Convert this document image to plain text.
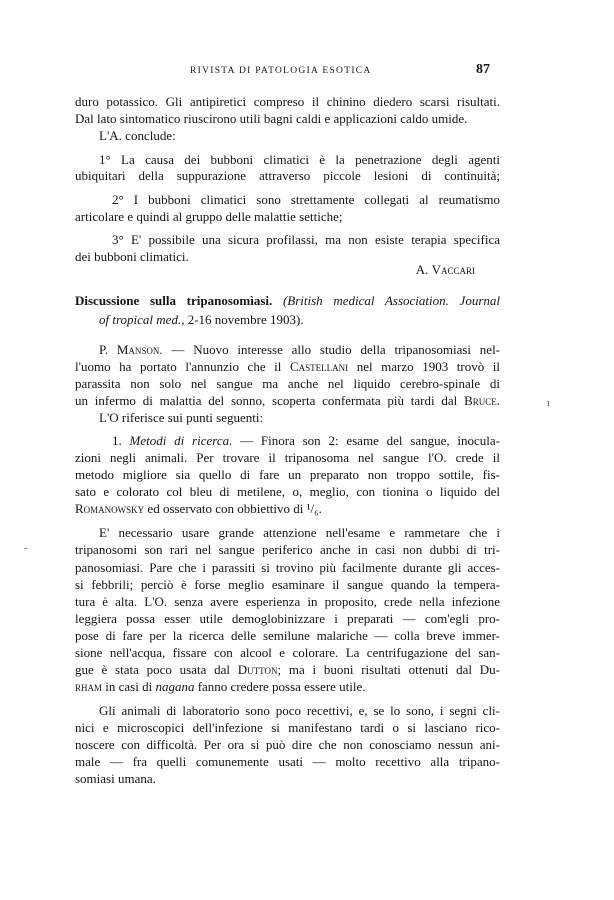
RIVISTA DI PATOLOGIA ESOTICA	87
duro potassico. Gli antipiretici compreso il chinino diedero scarsi risultati.
Dal lato sintomatico riuscirono utili bagni caldi e applicazioni caldo umide.
L'A. conclude:
1° La causa dei bubboni climatici è la penetrazione degli agenti
ubiquitari della suppurazione attraverso piccole lesioni di continuità;
2° I bubboni climatici sono strettamente collegati al reumatismo
articolare e quindi al gruppo delle malattie settiche;
3° E' possibile una sicura profilassi, ma non esiste terapia specifica
dei bubboni climatici.
A. Vaccari
Discussione sulla tripanosomìasi. (British medical Association. Journal
of tropical med., 2-16 novembre 1903).
P. Manson. — Nuovo interesse allo studio della tripanosomiasi nel-
l'uomo ha portato l'annunzio che il Castellani nel marzo 1903 trovò il
parassita non solo nel sangue ma anche nel liquido cerebro-spinale di
un infermo di malattia del sonno, scoperta confermata più tardi dal Bruce.
L'O riferisce sui punti seguenti:
1. Metodi di ricerca. — Finora son 2: esame del sangue, inocula-
zioni negli animali. Per trovare il tripanosoma nel sangue l'O. crede il
metodo migliore sia quello di fare un preparato non troppo sottile, fis-
sato e colorato col bleu di metilene, o, meglio, con tionina o liquido del
Romanowsky ed osservato con obbiettivo di ¹/₆.
E' necessario usare grande attenzione nell'esame e rammetare che i
tripanosomi son rari nel sangue periferico anche in casi non dubbi di tri-
panosomiasi. Pare che i parassiti si trovino più facilmente durante gli acces-
si febbrili; perciò è forse meglio esaminare il sangue quando la tempera-
tura è alta. L'O. senza avere esperienza in proposito, crede nella infezione
leggiera possa esser utile demoglobinizzare i preparati — com'egli pro-
pose di fare per la ricerca delle semilune malariche — colla breve immer-
sione nell'acqua, fissare con alcool e colorare. La centrifugazione del san-
gue è stata poco usata dal Dutton; ma i buoni risultati ottenuti dal Du-
rham in casi di nagana fanno credere possa essere utile.
Gli animali di laboratorio sono poco recettivi, e, se lo sono, i segni cli-
nici e microscopici dell'infezione si manifestano tardi o si lasciano rico-
noscere con difficoltà. Per ora si può dire che non conosciamo nessun ani-
male — fra quelli comunemente usati — molto recettivo alla tripano-
somiasi umana.
ı
-
